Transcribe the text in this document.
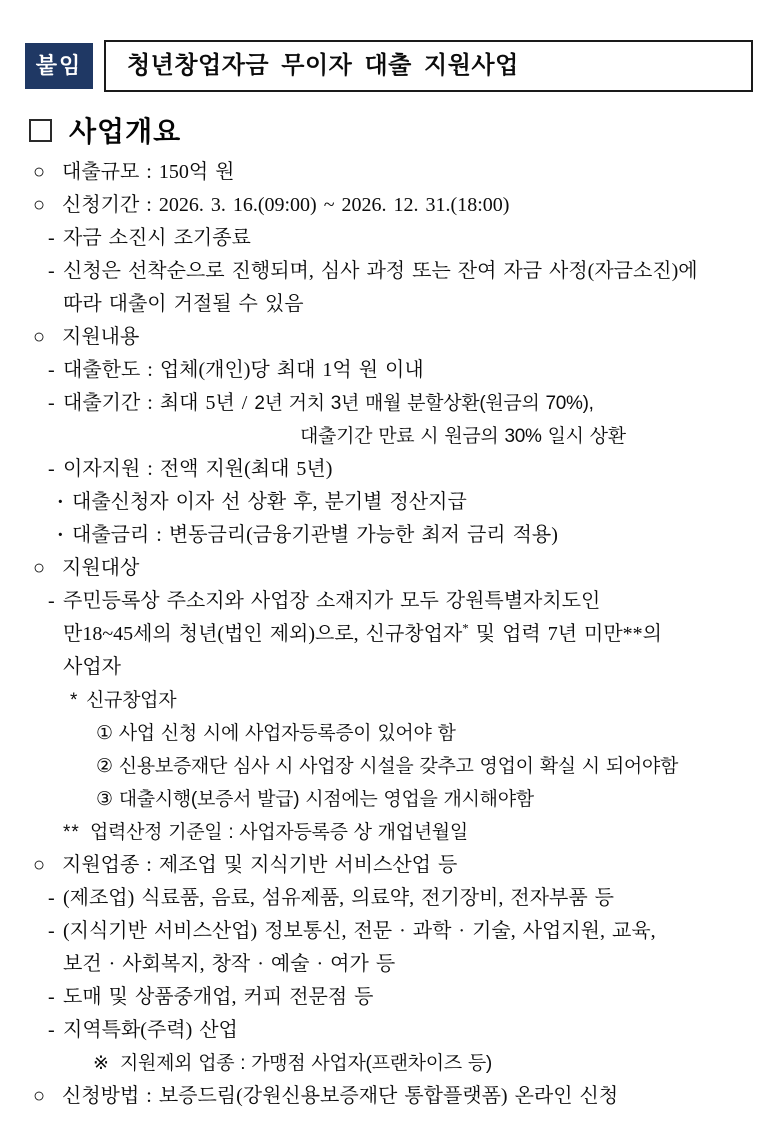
붙임	청년창업자금 무이자 대출 지원사업
사업개요
○ 대출규모 : 150억 원
○ 신청기간 : 2026. 3. 16.(09:00) ~ 2026. 12. 31.(18:00)
- 자금 소진시 조기종료
- 신청은 선착순으로 진행되며, 심사 과정 또는 잔여 자금 사정(자금소진)에
따라 대출이 거절될 수 있음
○ 지원내용
- 대출한도 : 업체(개인)당 최대 1억 원 이내
- 대출기간 : 최대 5년 / 2년 거치 3년 매월 분할상환(원금의 70%),
대출기간 만료 시 원금의 30% 일시 상환
- 이자지원 : 전액 지원(최대 5년)
· 대출신청자 이자 선 상환 후, 분기별 정산지급
· 대출금리 : 변동금리(금융기관별 가능한 최저 금리 적용)
○ 지원대상
- 주민등록상 주소지와 사업장 소재지가 모두 강원특별자치도인
만18~45세의 청년(법인 제외)으로, 신규창업자* 및 업력 7년 미만**의
사업자
* 신규창업자
① 사업 신청 시에 사업자등록증이 있어야 함
② 신용보증재단 심사 시 사업장 시설을 갖추고 영업이 확실 시 되어야함
③ 대출시행(보증서 발급) 시점에는 영업을 개시해야함
** 업력산정 기준일 : 사업자등록증 상 개업년월일
○ 지원업종 : 제조업 및 지식기반 서비스산업 등
- (제조업) 식료품, 음료, 섬유제품, 의료약, 전기장비, 전자부품 등
- (지식기반 서비스산업) 정보통신, 전문 · 과학 · 기술, 사업지원, 교육,
보건 · 사회복지, 창작 · 예술 · 여가 등
- 도매 및 상품중개업, 커피 전문점 등
- 지역특화(주력) 산업
※ 지원제외 업종 : 가맹점 사업자(프랜차이즈 등)
○ 신청방법 : 보증드림(강원신용보증재단 통합플랫폼) 온라인 신청
